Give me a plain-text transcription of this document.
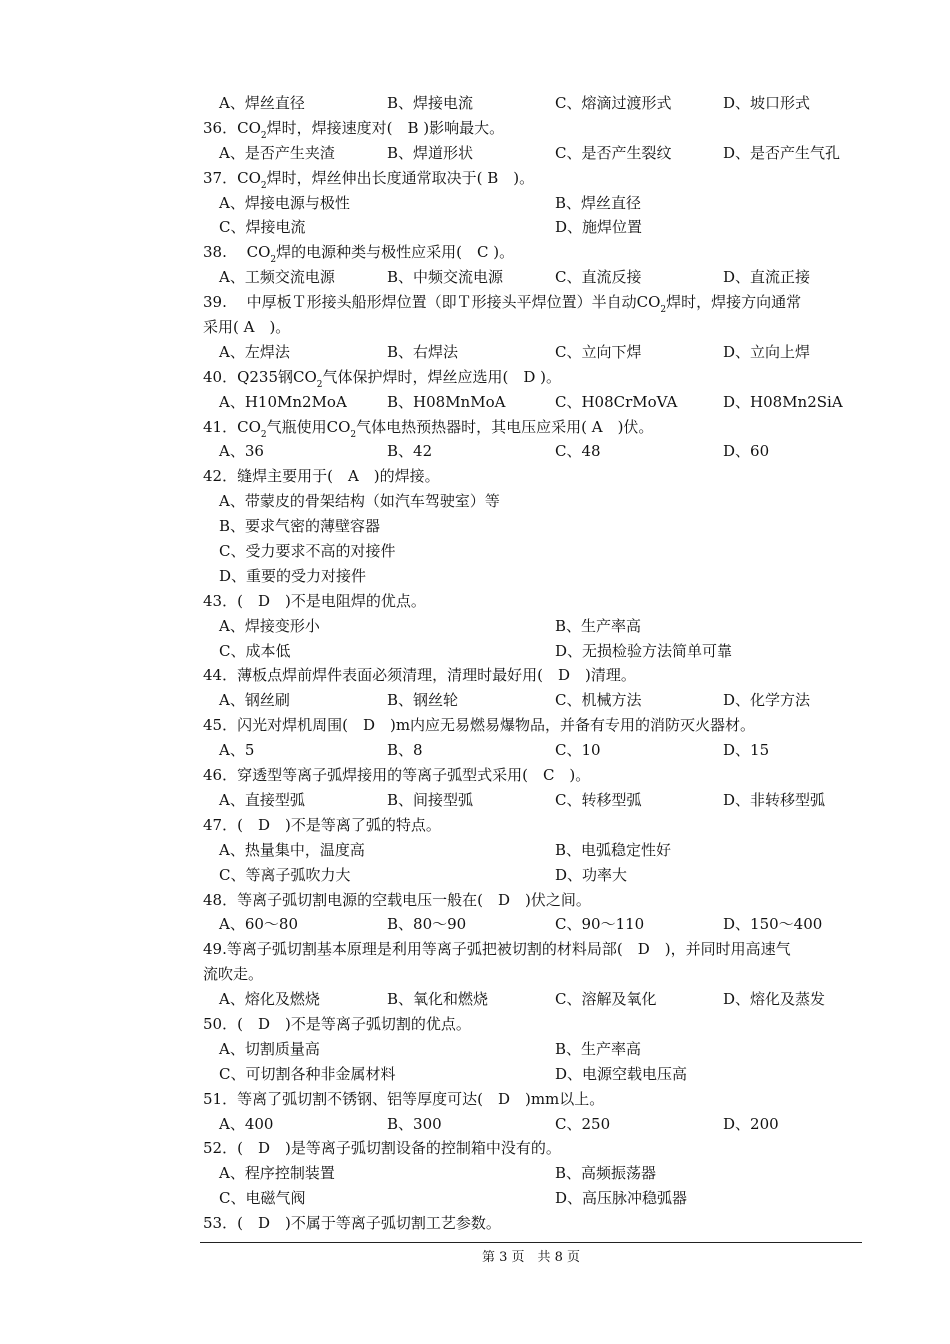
A、焊丝直径	B、焊接电流	C、熔滴过渡形式	D、坡口形式
36．$CO_2$焊时，焊接速度对(　B )影响最大。
A、是否产生夹渣	B、焊道形状	C、是否产生裂纹	D、是否产生气孔
37．$CO_2$焊时，焊丝伸出长度通常取决于( B　)。
A、焊接电源与极性	B、焊丝直径
C、焊接电流	D、施焊位置
38.　 $CO_2$焊的电源种类与极性应采用(　C )。
A、工频交流电源	B、中频交流电源	C、直流反接	D、直流正接
39.　 中厚板Ｔ形接头船形焊位置（即Ｔ形接头平焊位置）半自动$CO_2$焊时，焊接方向通常
采用( A　)。
A、左焊法	B、右焊法	C、立向下焊	D、立向上焊
40．Q235钢$CO_2$气体保护焊时，焊丝应选用(　D )。
A、H10Mn2MoA	B、H08MnMoA	C、H08CrMoVA	D、H08Mn2SiA
41．$CO_2$气瓶使用$CO_2$气体电热预热器时，其电压应采用( A　)伏。
A、36	B、42	C、48	D、60
42．缝焊主要用于(　A　)的焊接。
A、带蒙皮的骨架结构（如汽车驾驶室）等
B、要求气密的薄壁容器
C、受力要求不高的对接件
D、重要的受力对接件
43．(　D　)不是电阻焊的优点。
A、焊接变形小	B、生产率高
C、成本低	D、无损检验方法简单可靠
44．薄板点焊前焊件表面必须清理，清理时最好用(　D　)清理。
A、钢丝刷	B、钢丝轮	C、机械方法	D、化学方法
45．闪光对焊机周围(　D　)m内应无易燃易爆物品，并备有专用的消防灭火器材。
A、5	B、8	C、10	D、15
46．穿透型等离子弧焊接用的等离子弧型式采用(　C　)。
A、直接型弧	B、间接型弧	C、转移型弧	D、非转移型弧
47．(　D　)不是等离了弧的特点。
A、热量集中，温度高	B、电弧稳定性好
C、等离子弧吹力大	D、功率大
48．等离子弧切割电源的空载电压一般在(　D　)伏之间。
A、60～80	B、80～90	C、90～110	D、150～400
49.等离子弧切割基本原理是利用等离子弧把被切割的材料局部(　D　)，并同时用高速气
流吹走。
A、熔化及燃烧	B、氧化和燃烧	C、溶解及氧化	D、熔化及蒸发
50．(　D　)不是等离子弧切割的优点。
A、切割质量高	B、生产率高
C、可切割各种非金属材料	D、电源空载电压高
51．等离了弧切割不锈钢、铝等厚度可达(　D　)mm以上。
A、400	B、300	C、250	D、200
52．(　D　)是等离子弧切割设备的控制箱中没有的。
A、程序控制装置	B、高频振荡器
C、电磁气阀	D、高压脉冲稳弧器
53．(　D　)不属于等离子弧切割工艺参数。
第 3 页　共 8 页
